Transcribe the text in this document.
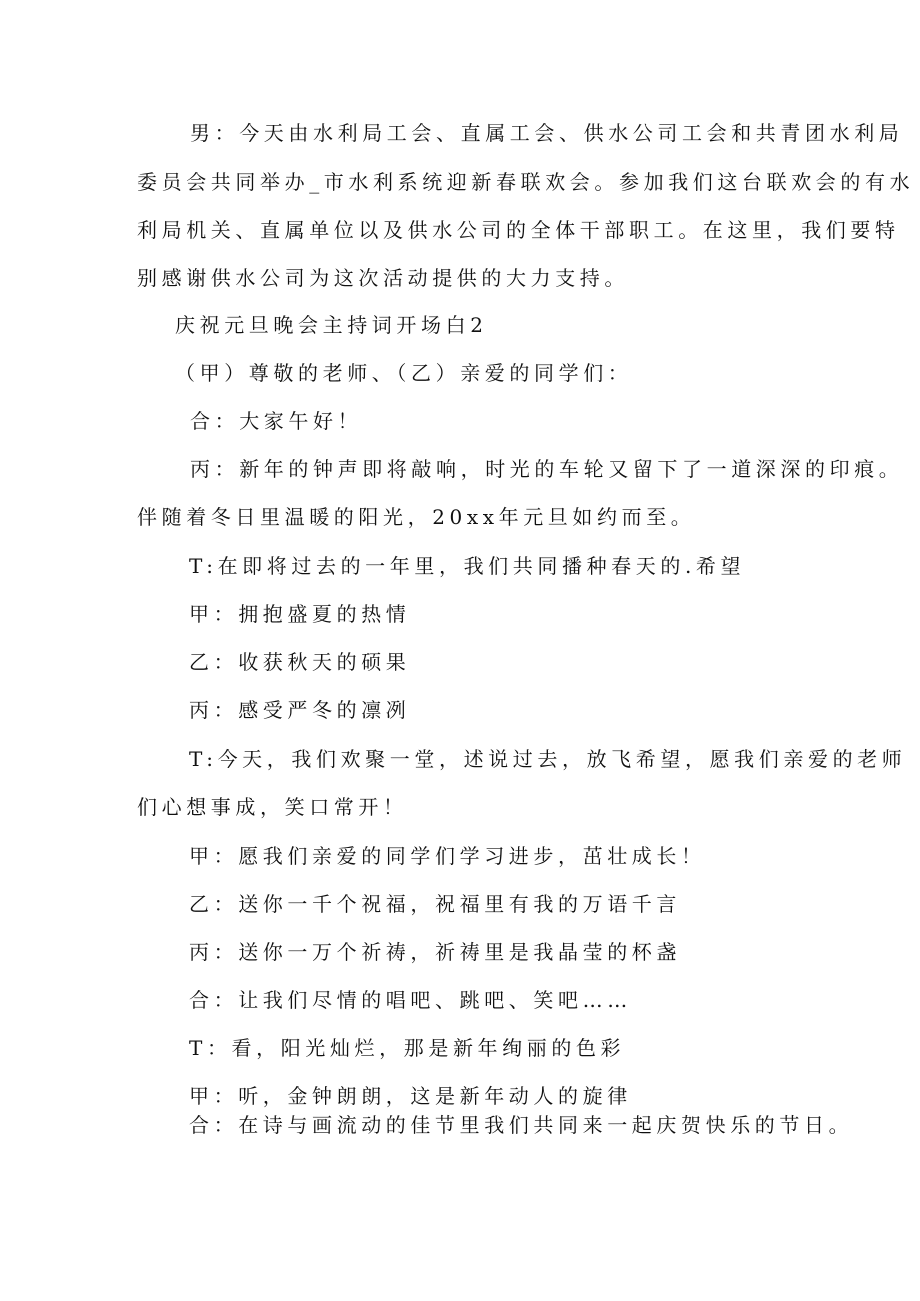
男：今天由水利局工会、直属工会、供水公司工会和共青团水利局
委员会共同举办_市水利系统迎新春联欢会。参加我们这台联欢会的有水
利局机关、直属单位以及供水公司的全体干部职工。在这里，我们要特
别感谢供水公司为这次活动提供的大力支持。
庆祝元旦晚会主持词开场白2
（甲）尊敬的老师、（乙）亲爱的同学们：
合：大家午好！
丙：新年的钟声即将敲响，时光的车轮又留下了一道深深的印痕。
伴随着冬日里温暖的阳光，20xx年元旦如约而至。
T:在即将过去的一年里，我们共同播种春天的.希望
甲：拥抱盛夏的热情
乙：收获秋天的硕果
丙：感受严冬的凛冽
T:今天，我们欢聚一堂，述说过去，放飞希望，愿我们亲爱的老师
们心想事成，笑口常开！
甲：愿我们亲爱的同学们学习进步，茁壮成长！
乙：送你一千个祝福，祝福里有我的万语千言
丙：送你一万个祈祷，祈祷里是我晶莹的杯盏
合：让我们尽情的唱吧、跳吧、笑吧……
T：看，阳光灿烂，那是新年绚丽的色彩
甲：听，金钟朗朗，这是新年动人的旋律
合：在诗与画流动的佳节里我们共同来一起庆贺快乐的节日。
